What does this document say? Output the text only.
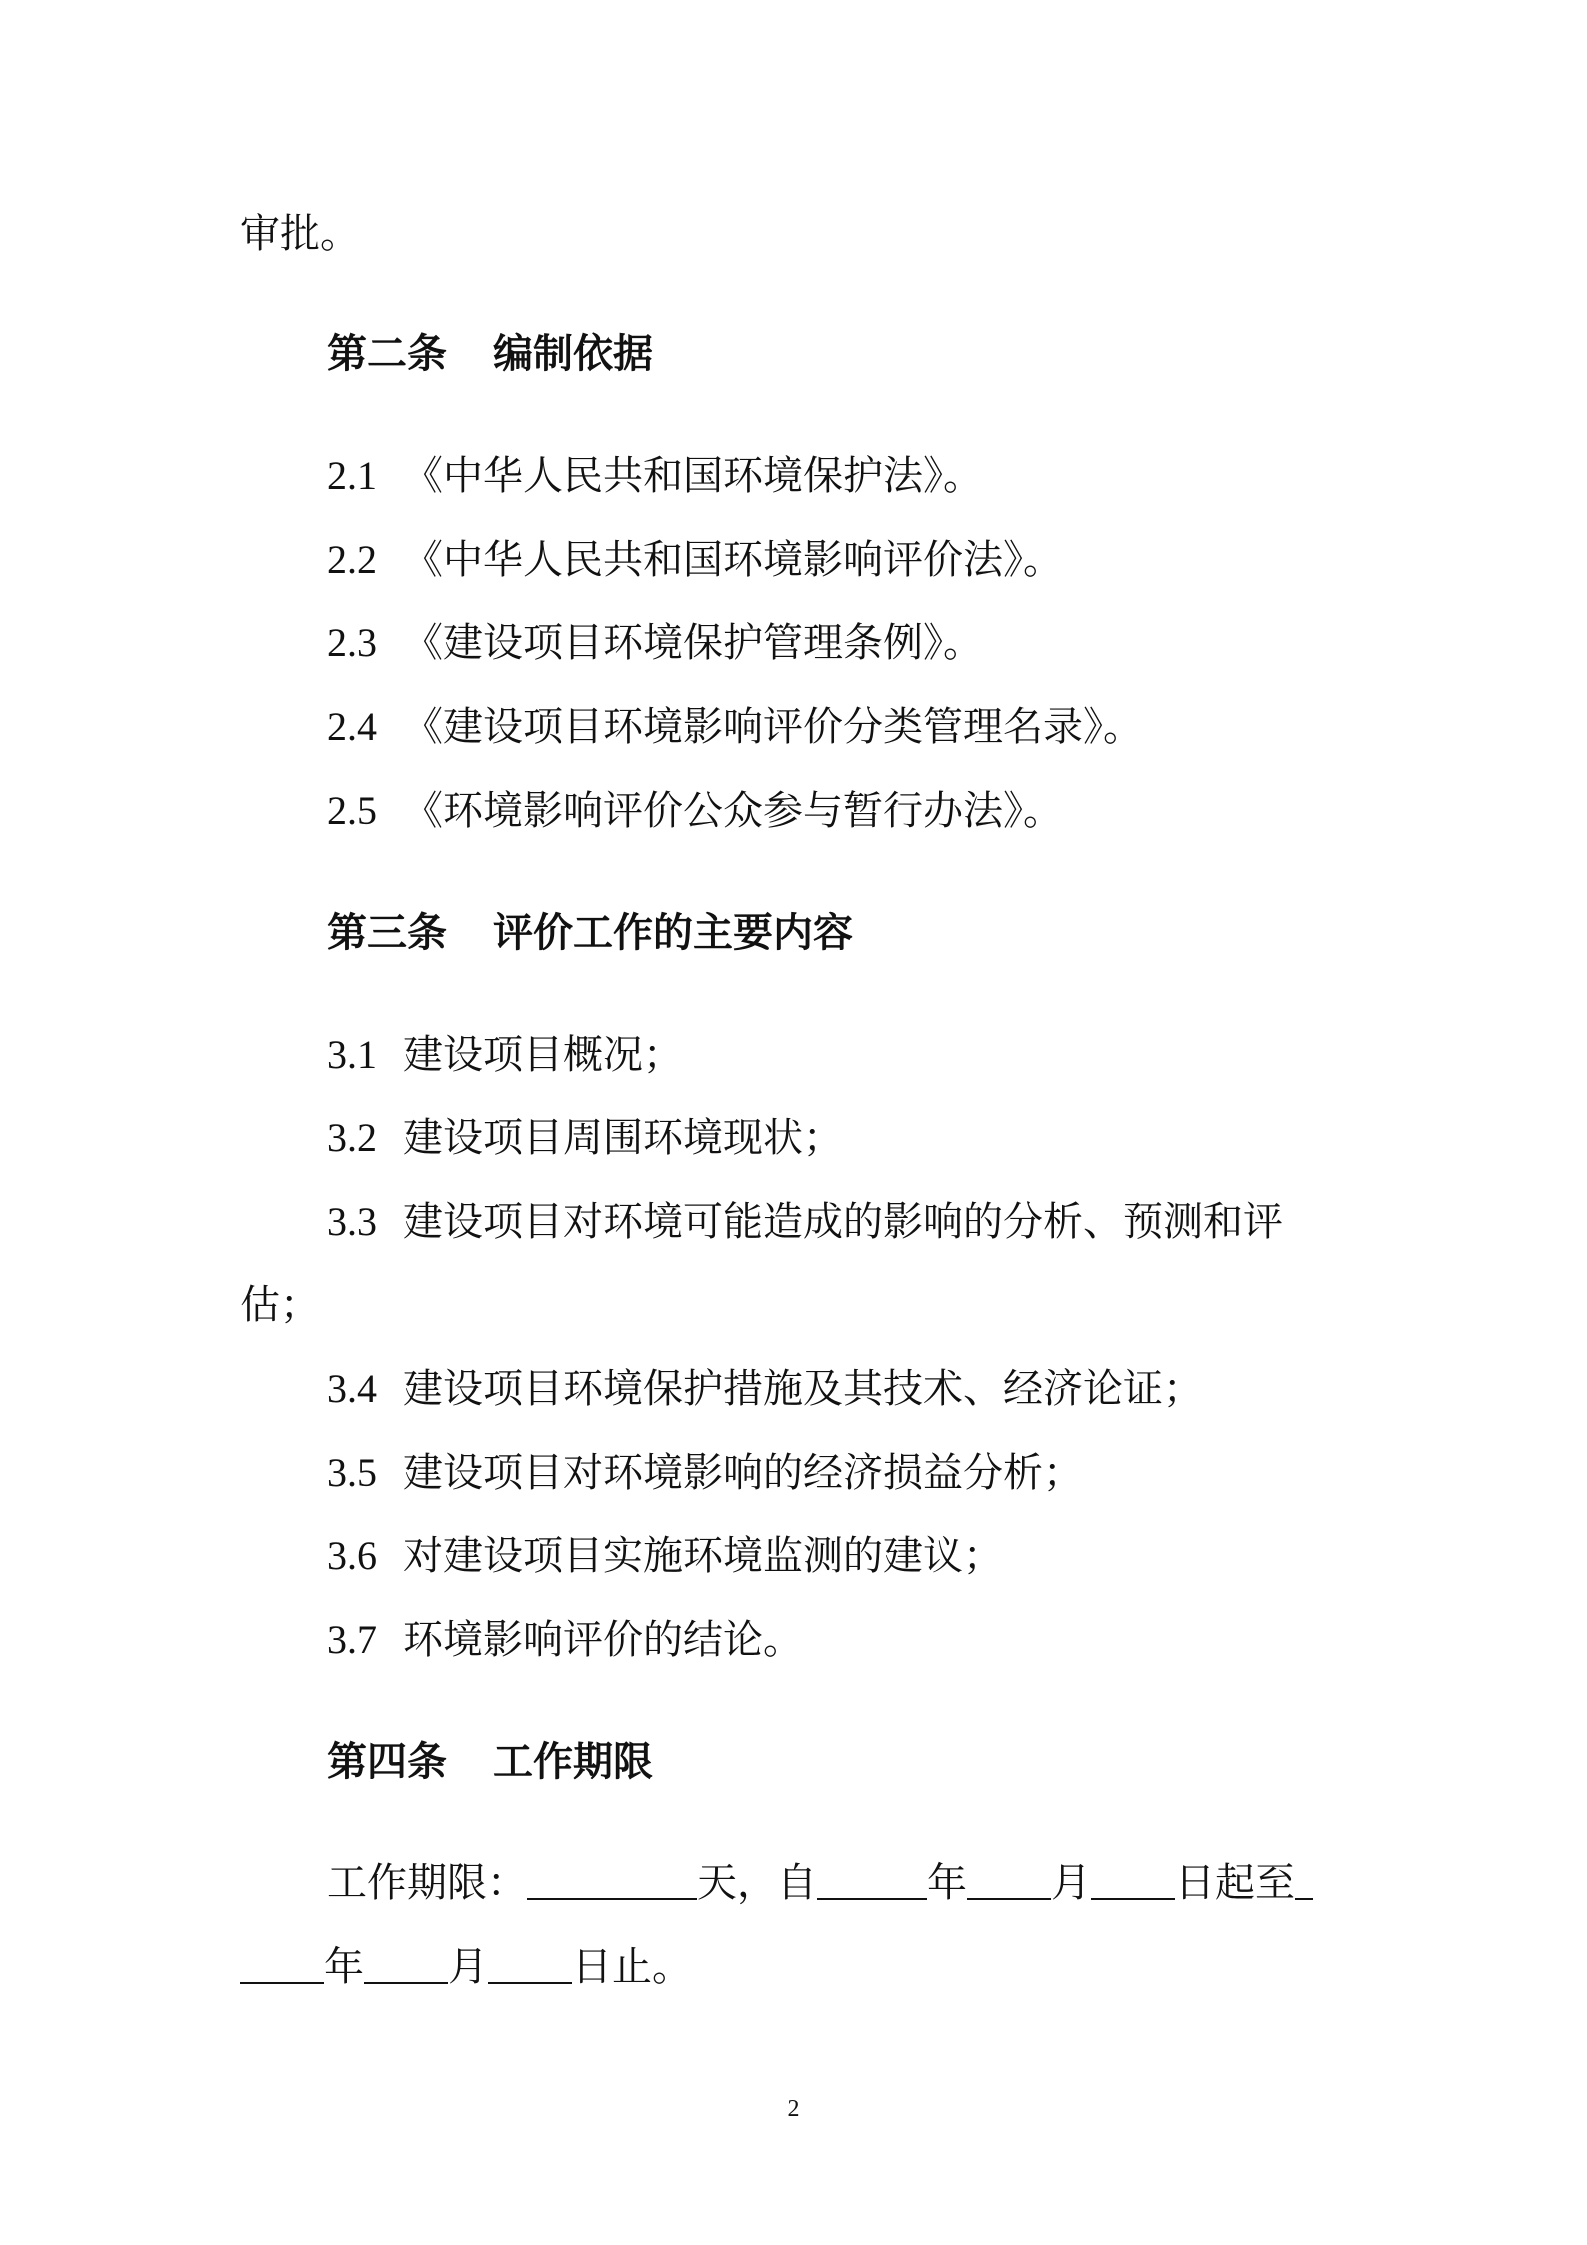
审批。
第二条 编制依据
2.1 《中华人民共和国环境保护法》。
2.2 《中华人民共和国环境影响评价法》。
2.3 《建设项目环境保护管理条例》。
2.4 《建设项目环境影响评价分类管理名录》。
2.5 《环境影响评价公众参与暂行办法》。
第三条 评价工作的主要内容
3.1 建设项目概况；
3.2 建设项目周围环境现状；
3.3 建设项目对环境可能造成的影响的分析、预测和评
估；
3.4 建设项目环境保护措施及其技术、经济论证；
3.5 建设项目对环境影响的经济损益分析；
3.6 对建设项目实施环境监测的建议；
3.7 环境影响评价的结论。
第四条 工作期限
工作期限：	天，自	年 月 日起至
年 月 日止。
2
